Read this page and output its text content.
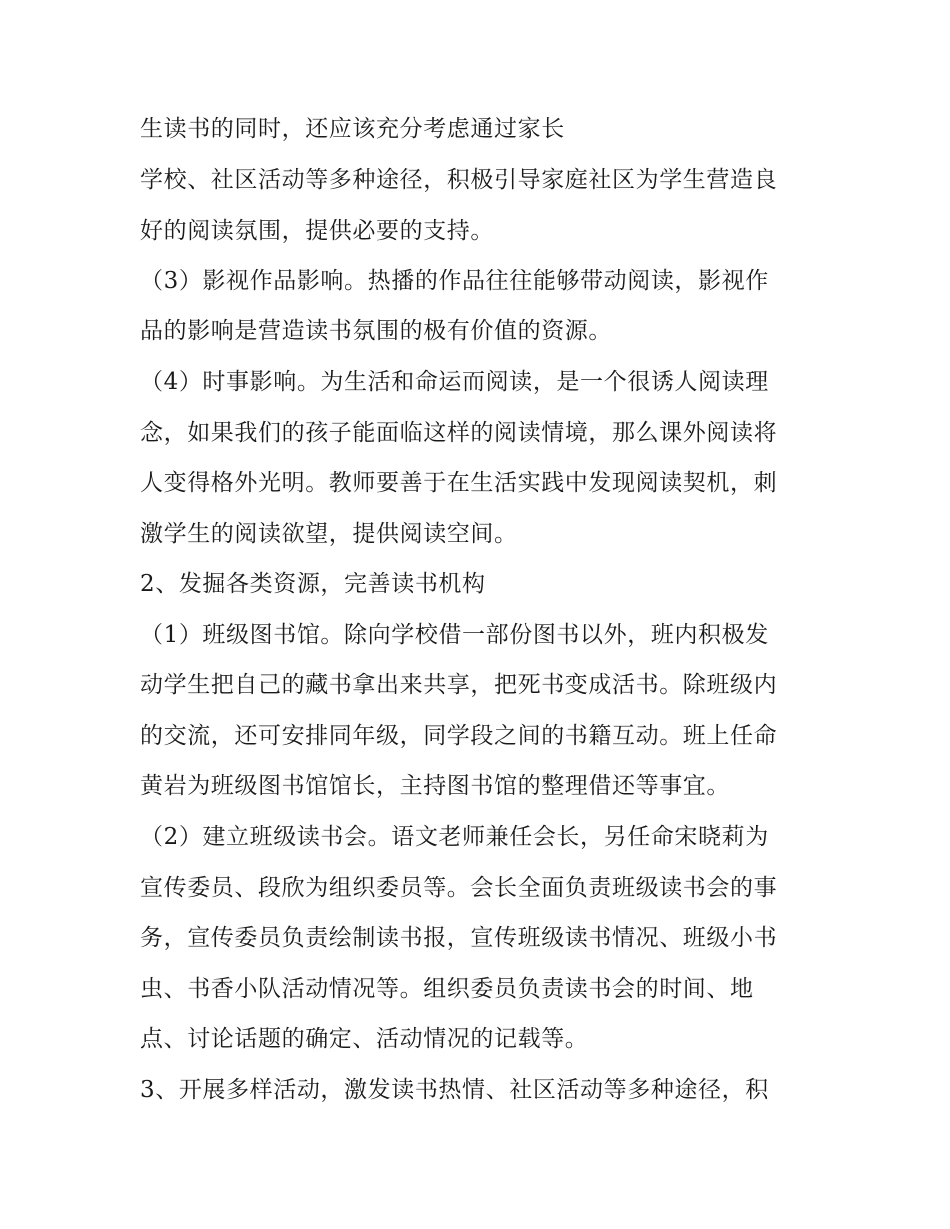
生读书的同时，还应该充分考虑通过家长
学校、社区活动等多种途径，积极引导家庭社区为学生营造良
好的阅读氛围，提供必要的支持。
（3）影视作品影响。热播的作品往往能够带动阅读，影视作
品的影响是营造读书氛围的极有价值的资源。
（4）时事影响。为生活和命运而阅读，是一个很诱人阅读理
念，如果我们的孩子能面临这样的阅读情境，那么课外阅读将
人变得格外光明。教师要善于在生活实践中发现阅读契机，刺
激学生的阅读欲望，提供阅读空间。
2、发掘各类资源，完善读书机构
（1）班级图书馆。除向学校借一部份图书以外，班内积极发
动学生把自己的藏书拿出来共享，把死书变成活书。除班级内
的交流，还可安排同年级，同学段之间的书籍互动。班上任命
黄岩为班级图书馆馆长，主持图书馆的整理借还等事宜。
（2）建立班级读书会。语文老师兼任会长，另任命宋晓莉为
宣传委员、段欣为组织委员等。会长全面负责班级读书会的事
务，宣传委员负责绘制读书报，宣传班级读书情况、班级小书
虫、书香小队活动情况等。组织委员负责读书会的时间、地
点、讨论话题的确定、活动情况的记载等。
3、开展多样活动，激发读书热情、社区活动等多种途径，积
